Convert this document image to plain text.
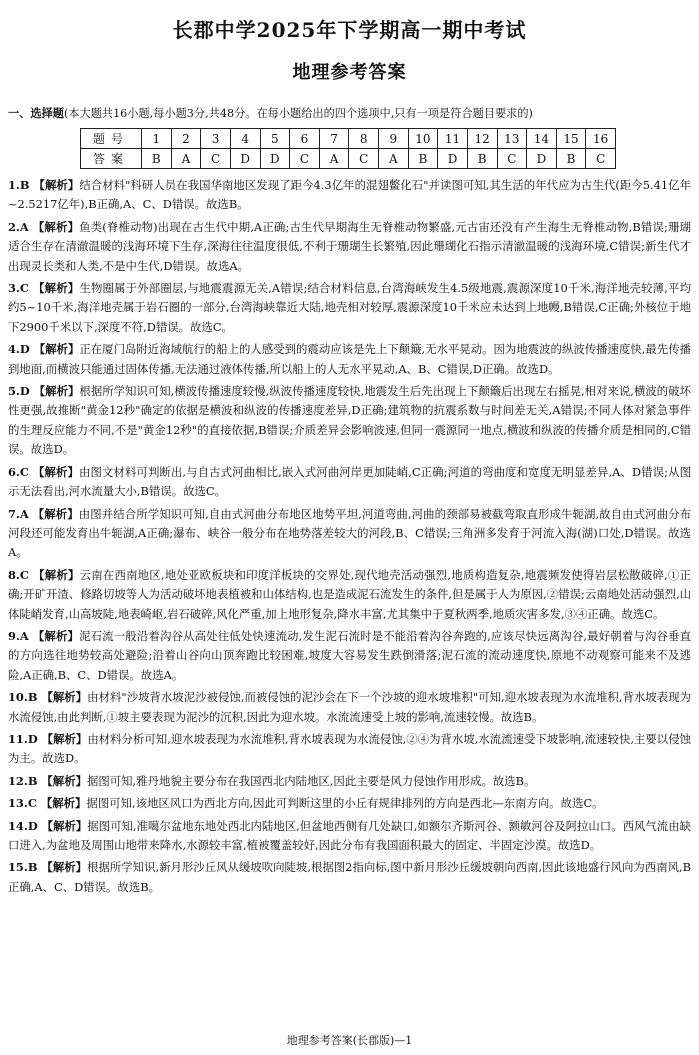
长郡中学2025年下学期高一期中考试
地理参考答案
一、选择题(本大题共16小题,每小题3分,共48分。在每小题给出的四个选项中,只有一项是符合题目要求的)
题号	1	2	3	4	5	6	7	8	9	10	11	12	13	14	15	16
答案	B	A	C	D	D	C	A	C	A	B	D	B	C	D	B	C

1.B 【解析】结合材料"科研人员在我国华南地区发现了距今4.3亿年的混翅鳖化石"并读图可知,其生活的年代应为古生代(距今5.41亿年~2.5217亿年),B正确,A、C、D错误。故选B。

2.A 【解析】鱼类(脊椎动物)出现在古生代中期,A正确;古生代早期海生无脊椎动物繁盛,元古宙还没有产生海生无脊椎动物,B错误;珊瑚适合生存在清澈温暖的浅海环境下生存,深海往往温度很低,不利于珊瑚生长繁殖,因此珊瑚化石指示清澈温暖的浅海环境,C错误;新生代才出现灵长类和人类,不是中生代,D错误。故选A。

3.C 【解析】生物圈属于外部圈层,与地震震源无关,A错误;结合材料信息,台湾海峡发生4.5级地震,震源深度10千米,海洋地壳较薄,平均约5~10千米,海洋地壳属于岩石圈的一部分,台湾海峡靠近大陆,地壳相对较厚,震源深度10千米应未达到上地幔,B错误,C正确;外核位于地下2900千米以下,深度不符,D错误。故选C。

4.D 【解析】正在厦门岛附近海域航行的船上的人感受到的震动应该是先上下颠簸,无水平晃动。因为地震波的纵波传播速度快,最先传播到地面,而横波只能通过固体传播,无法通过液体传播,所以船上的人无水平晃动,A、B、C错误,D正确。故选D。

5.D 【解析】根据所学知识可知,横波传播速度较慢,纵波传播速度较快,地震发生后先出现上下颠簸后出现左右摇晃,相对来说,横波的破坏性更强,故推断"黄金12秒"确定的依据是横波和纵波的传播速度差异,D正确;建筑物的抗震系数与时间差无关,A错误;不同人体对紧急事件的生理反应能力不同,不是"黄金12秒"的直接依据,B错误;介质差异会影响波速,但同一震源同一地点,横波和纵波的传播介质是相同的,C错误。故选D。

6.C 【解析】由图文材料可判断出,与自古式河曲相比,嵌入式河曲河岸更加陡峭,C正确;河道的弯曲度和宽度无明显差异,A、D错误;从图示无法看出,河水流量大小,B错误。故选C。

7.A 【解析】由图并结合所学知识可知,自由式河曲分布地区地势平坦,河道弯曲,河曲的颈部易被截弯取直形成牛轭湖,故自由式河曲分布河段还可能发育出牛轭湖,A正确;瀑布、峡谷一般分布在地势落差较大的河段,B、C错误;三角洲多发育于河流入海(湖)口处,D错误。故选A。

8.C 【解析】云南在西南地区,地处亚欧板块和印度洋板块的交界处,现代地壳活动强烈,地质构造复杂,地震频发使得岩层松散破碎,①正确;开矿开渣、修路切坡等人为活动破坏地表植被和山体结构,也是造成泥石流发生的条件,但是属于人为原因,②错误;云南地处活动强烈,山体陡峭发育,山高坡陡,地表崎岖,岩石破碎,风化严重,加上地形复杂,降水丰富,尤其集中于夏秋两季,地质灾害多发,③④正确。故选C。

9.A 【解析】泥石流一般沿着沟谷从高处往低处快速流动,发生泥石流时是不能沿着沟谷奔跑的,应该尽快远离沟谷,最好朝着与沟谷垂直的方向选往地势较高处避险;沿着山谷向山顶奔跑比较困难,坡度大容易发生跌倒滑落;泥石流的流动速度快,原地不动观察可能来不及逃险,A正确,B、C、D错误。故选A。

10.B 【解析】由材料"沙坡背水坡泥沙被侵蚀,而被侵蚀的泥沙会在下一个沙坡的迎水坡堆积"可知,迎水坡表现为水流堆积,背水坡表现为水流侵蚀,由此判断,①坡主要表现为泥沙的沉积,因此为迎水坡。水流流速受上坡的影响,流速较慢。故选B。

11.D 【解析】由材料分析可知,迎水坡表现为水流堆积,背水坡表现为水流侵蚀,②④为背水坡,水流流速受下坡影响,流速较快,主要以侵蚀为主。故选D。

12.B 【解析】据图可知,雅丹地貌主要分布在我国西北内陆地区,因此主要是风力侵蚀作用形成。故选B。

13.C 【解析】据图可知,该地区风口为西北方向,因此可判断这里的小丘有规律排列的方向是西北—东南方向。故选C。

14.D 【解析】据图可知,准噶尔盆地东地处西北内陆地区,但盆地西侧有几处缺口,如额尔齐斯河谷、额敏河谷及阿拉山口。西风气流由缺口进入,为盆地及周围山地带来降水,水源较丰富,植被覆盖较好,因此分布有我国面积最大的固定、半固定沙漠。故选D。

15.B 【解析】根据所学知识,新月形沙丘风从缓坡吹向陡坡,根据图2指向标,图中新月形沙丘缓坡朝向西南,因此该地盛行风向为西南风,B正确,A、C、D错误。故选B。

地理参考答案(长郡版)—1
